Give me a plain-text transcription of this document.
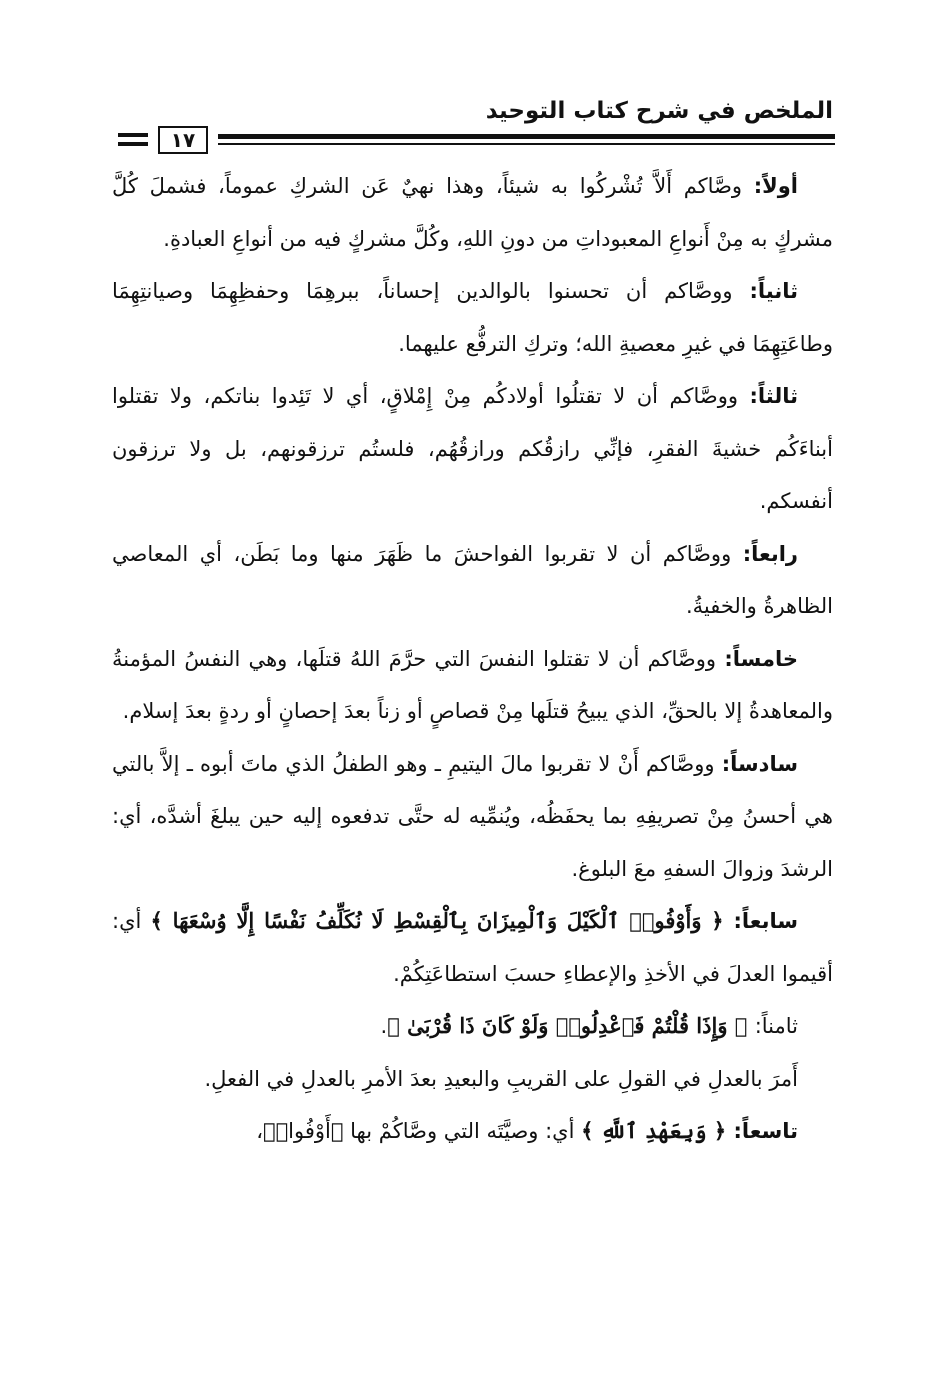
الملخص في شرح كتاب التوحيد
١٧

أولاً: وصَّاكم أَلاَّ تُشْركُوا به شيئاً، وهذا نهيٌ عَن الشركِ عموماً، فشملَ كُلَّ مشركٍ به مِنْ أَنواعِ المعبوداتِ من دونِ اللهِ، وكُلَّ مشركٍ فيه من أنواعِ العبادةِ.

ثانياً: ووصَّاكم أن تحسنوا بالوالدين إحساناً، ببرهِمَا وحفظِهِمَا وصيانتِهِمَا وطاعَتِهِمَا في غيرِ معصيةِ الله؛ وتركِ الترفُّع عليهما.

ثالثاً: ووصَّاكم أن لا تقتلُوا أولادكُم مِنْ إِمْلاقٍ، أي لا تَئِدوا بناتكم، ولا تقتلوا أبناءَكُم خشيةَ الفقرِ، فإنِّي رازقُكم ورازقُهُم، فلستُم ترزقونهم، بل ولا ترزقون أنفسكم.

رابعاً: ووصَّاكم أن لا تقربوا الفواحشَ ما ظَهَرَ منها وما بَطَن، أي المعاصي الظاهرةُ والخفيةُ.

خامساً: ووصَّاكم أن لا تقتلوا النفسَ التي حرَّمَ اللهُ قتلَها، وهي النفسُ المؤمنةُ والمعاهدةُ إلا بالحقِّ، الذي يبيحُ قتلَها مِنْ قصاصٍ أو زناً بعدَ إحصانٍ أو ردةٍ بعدَ إسلام.

سادساً: ووصَّاكم أَنْ لا تقربوا مالَ اليتيمِ ـ وهو الطفلُ الذي ماتَ أبوه ـ إلاَّ بالتي هي أحسنُ مِنْ تصريفِهِ بما يحفَظُه، ويُنمِّيه له حتَّى تدفعوه إليه حين يبلغَ أشدَّه، أي: الرشدَ وزوالَ السفهِ معَ البلوغ.

سابعاً: ﴿ وَأَوْفُوا۟ ٱلْكَيْلَ وَٱلْمِيزَانَ بِٱلْقِسْطِ لَا نُكَلِّفُ نَفْسًا إِلَّا وُسْعَهَا ﴾ أي: أقيموا العدلَ في الأخذِ والإعطاءِ حسبَ استطاعَتِكُمْ.

ثامناً: ﴿ وَإِذَا قُلْتُمْ فَٱعْدِلُوا۟ وَلَوْ كَانَ ذَا قُرْبَىٰ ﴾.

أَمرَ بالعدلِ في القولِ على القريبِ والبعيدِ بعدَ الأمرِ بالعدلِ في الفعلِ.

تاسعاً: ﴿ وَبِعَهْدِ ٱللَّهِ ﴾ أي: وصيَّتَه التي وصَّاكُمْ بها ﴿أَوْفُوا۟﴾،
